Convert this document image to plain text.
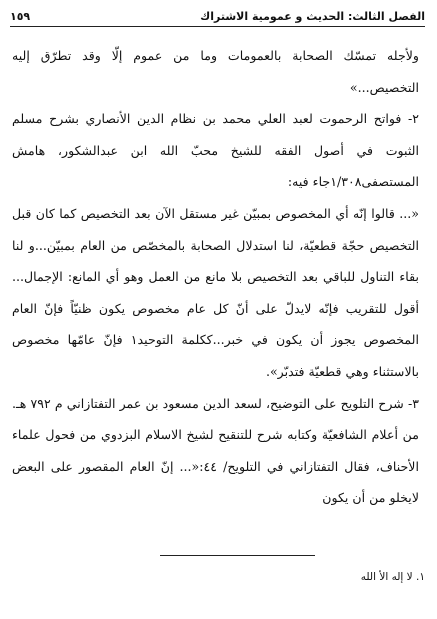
الفصل الثالث: الحديث و عمومية الاشتراك
١٥٩

ولأجله تمسّك الصحابة بالعمومات وما من عموم إلّا وقد تطرّق إليه التخصيص...»

٢- فواتح الرحموت لعبد العلي محمد بن نظام الدين الأنصاري بشرح مسلم الثبوت في أصول الفقه للشيخ محبّ الله ابن عبدالشكور، هامش المستصفى١/٣٠٨جاء فيه:

«... قالوا إنّه أي المخصوص بمبيّن غير مستقل الآن بعد التخصيص كما كان قبل التخصيص حجّة قطعيّة، لنا استدلال الصحابة بالمخصّص من العام بمبيّن...و لنا بقاء التناول للباقي بعد التخصيص بلا مانع من العمل وهو أي المانع: الإجمال... أقول للتقريب فإنّه لايدلّ على أنّ كل عام مخصوص يكون ظنيّاً فإنّ العام المخصوص يجوز أن يكون في خبر...ككلمة التوحيد١ فإنّ عامّها مخصوص بالاستثناء وهي قطعيّة فتدبّر».

٣- شرح التلويح على التوضيح، لسعد الدين مسعود بن عمر التفتازاني م ٧٩٢ هـ. من أعلام الشافعيّة وكتابه شرح للتنقيح لشيخ الاسلام البزدوي من فحول علماء الأحناف، فقال التفتازاني في التلويح/ ٤٤:«... إنّ العام المقصور على البعض لايخلو من أن يكون

١. لا إله الأ الله
